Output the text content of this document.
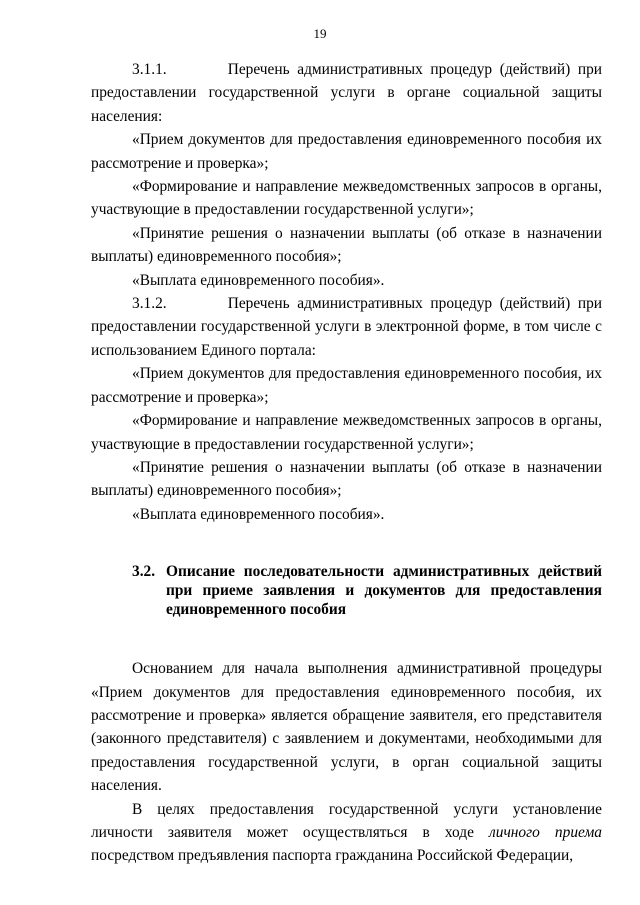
19

3.1.1.        Перечень административных процедур (действий) при предоставлении государственной услуги в органе социальной защиты населения:

«Прием документов для предоставления единовременного пособия их рассмотрение и проверка»;

«Формирование и направление межведомственных запросов в органы, участвующие в предоставлении государственной услуги»;

«Принятие решения о назначении выплаты (об отказе в назначении выплаты) единовременного пособия»;

«Выплата единовременного пособия».

3.1.2.        Перечень административных процедур (действий) при предоставлении государственной услуги в электронной форме, в том числе с использованием Единого портала:

«Прием документов для предоставления единовременного пособия, их рассмотрение и проверка»;

«Формирование и направление межведомственных запросов в органы, участвующие в предоставлении государственной услуги»;

«Принятие решения о назначении выплаты (об отказе в назначении выплаты) единовременного пособия»;

«Выплата единовременного пособия».

3.2. Описание последовательности административных действий при приеме заявления и документов для предоставления единовременного пособия

Основанием для начала выполнения административной процедуры «Прием документов для предоставления единовременного пособия, их рассмотрение и проверка» является обращение заявителя, его представителя (законного представителя) с заявлением и документами, необходимыми для предоставления государственной услуги, в орган социальной защиты населения.

В целях предоставления государственной услуги установление личности заявителя может осуществляться в ходе личного приема посредством предъявления паспорта гражданина Российской Федерации,
